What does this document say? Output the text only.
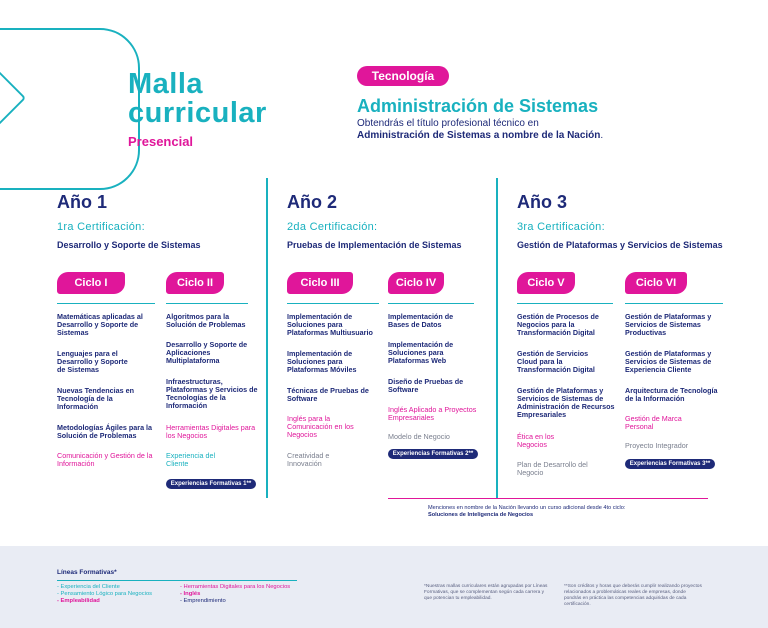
Malla
curricular
Presencial
Tecnología
Administración de Sistemas
Obtendrás el título profesional técnico en
Administración de Sistemas a nombre de la Nación.
Año 1
1ra Certificación:
Desarrollo y Soporte de Sistemas
Ciclo I
Matemáticas aplicadas al Desarrollo y Soporte de Sistemas
Lenguajes para el Desarrollo y Soporte de Sistemas
Nuevas Tendencias en Tecnología de la Información
Metodologías Ágiles para la Solución de Problemas
Comunicación y Gestión de la Información
Ciclo II
Algoritmos para la Solución de Problemas
Desarrollo y Soporte de Aplicaciones Multiplataforma
Infraestructuras, Plataformas y Servicios de Tecnologías de la Información
Herramientas Digitales para los Negocios
Experiencia del Cliente
Experiencias Formativas 1**
Año 2
2da Certificación:
Pruebas de Implementación de Sistemas
Ciclo III
Implementación de Soluciones para Plataformas Multiusuario
Implementación de Soluciones para Plataformas Móviles
Técnicas de Pruebas de Software
Inglés para la Comunicación en los Negocios
Creatividad e Innovación
Ciclo IV
Implementación de Bases de Datos
Implementación de Soluciones para Plataformas Web
Diseño de Pruebas de Software
Inglés Aplicado a Proyectos Empresariales
Modelo de Negocio
Experiencias Formativas 2**
Año 3
3ra Certificación:
Gestión de Plataformas y Servicios de Sistemas
Ciclo V
Gestión de Procesos de Negocios para la Transformación Digital
Gestión de Servicios Cloud para la Transformación Digital
Gestión de Plataformas y Servicios de Sistemas de Administración de Recursos Empresariales
Ética en los Negocios
Plan de Desarrollo del Negocio
Ciclo VI
Gestión de Plataformas y Servicios de Sistemas Productivas
Gestión de Plataformas y Servicios de Sistemas de Experiencia Cliente
Arquitectura de Tecnología de la Información
Gestión de Marca Personal
Proyecto Integrador
Experiencias Formativas 3**
Menciones en nombre de la Nación llevando un curso adicional desde 4to ciclo:
Soluciones de Inteligencia de Negocios
Líneas Formativas*
- Experiencia del Cliente
- Pensamiento Lógico para Negocios
- Empleabilidad
- Herramientas Digitales para los Negocios
- Inglés
- Emprendimiento
*Nuestras mallas curriculares están agrupadas por Líneas Formativas, que se complementan según cada carrera y que potencian tu empleabilidad.
**Son créditos y horas que deberás cumplir realizando proyectos relacionados a problemáticas reales de empresas, donde pondrás en práctica las competencias adquiridas de cada certificación.
